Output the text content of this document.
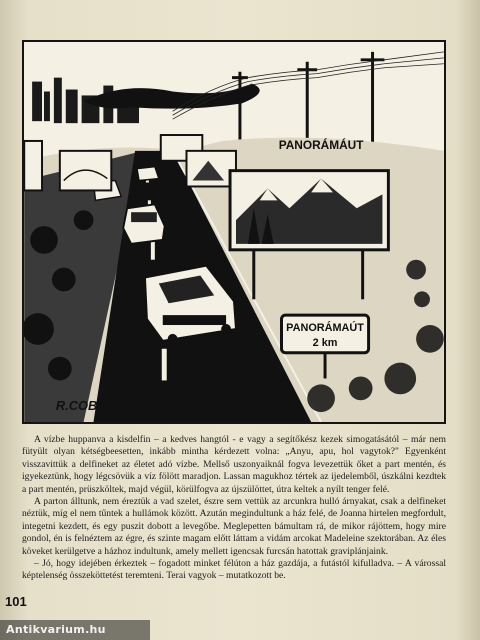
PANORÁMÁUT
PANORÁMAÚT
2 km
R.COBB

A vízbe huppanva a kisdelfin – a kedves hangtól - e vagy a segítőkész kezek simogatásától – már nem fütyült olyan kétségbeesetten, inkább mintha kérdezett volna: „Anyu, apu, hol vagytok?" Egyenként visszavittük a delfineket az életet adó vízbe. Mellső uszonyaiknál fogva levezettük őket a part mentén, és igyekeztünk, hogy légcsövük a víz fölött maradjon. Lassan magukhoz tértek az ijedelemből, úszkálni kezdtek a part mentén, prüszköltek, majd végül, körülfogva az újszülöttet, útra keltek a nyílt tenger felé.

A parton álltunk, nem éreztük a vad szelet, észre sem vettük az arcunkra hulló árnyakat, csak a delfineket néztük, míg el nem tűntek a hullámok között. Azután megindultunk a ház felé, de Joanna hirtelen megfordult, integetni kezdett, és egy puszit dobott a levegőbe. Meglepetten bámultam rá, de mikor rájöttem, hogy mire gondol, én is felnéztem az égre, és szinte magam előtt láttam a vidám arcokat Madeleine szektorában. Az éles köveket kerülgetve a házhoz indultunk, amely mellett igencsak furcsán hatottak graviplánjaink.

– Jó, hogy idejében érkeztek – fogadott minket félúton a ház gazdája, a futástól kifulladva. – A várossal képtelenség összeköttetést teremteni. Terai vagyok – mutatkozott be.

101
Antikvarium.hu
